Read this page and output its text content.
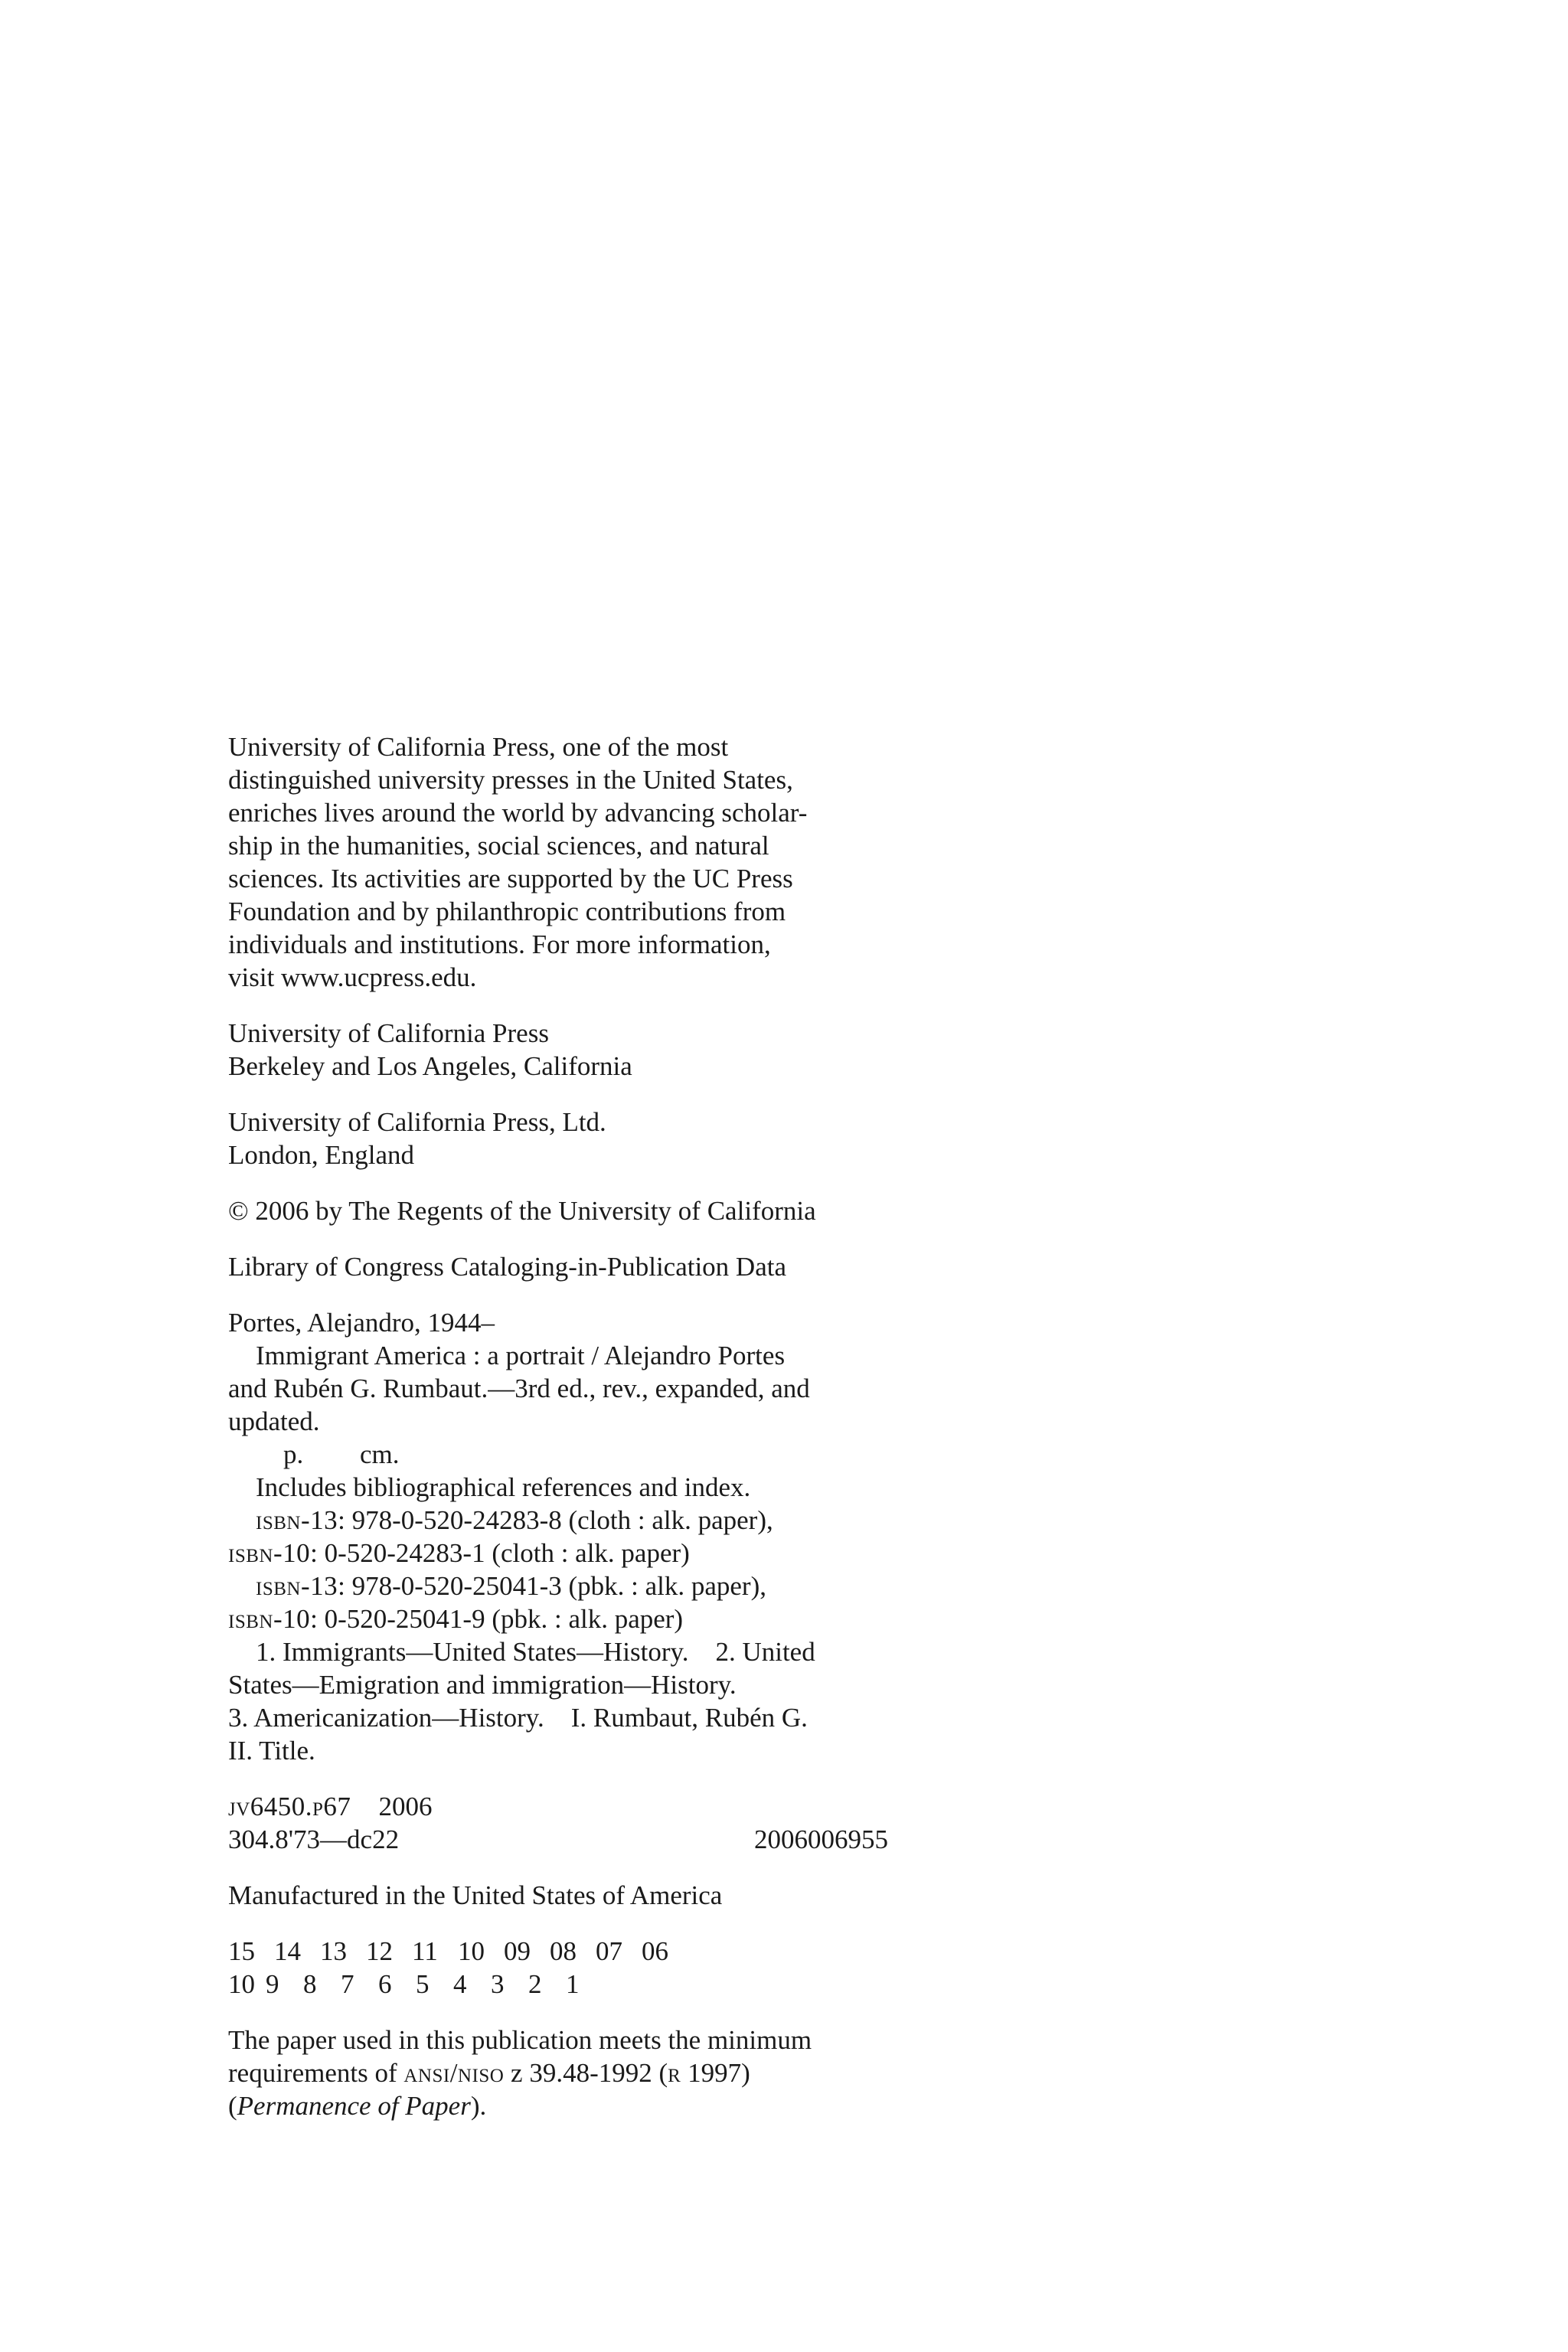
University of California Press, one of the most
distinguished university presses in the United States,
enriches lives around the world by advancing scholar-
ship in the humanities, social sciences, and natural
sciences. Its activities are supported by the UC Press
Foundation and by philanthropic contributions from
individuals and institutions. For more information,
visit www.ucpress.edu.
University of California Press
Berkeley and Los Angeles, California
University of California Press, Ltd.
London, England
© 2006 by The Regents of the University of California
Library of Congress Cataloging-in-Publication Data
Portes, Alejandro, 1944–
Immigrant America : a portrait / Alejandro Portes
and Rubén G. Rumbaut.—3rd ed., rev., expanded, and
updated.
p. cm.
Includes bibliographical references and index.
isbn-13: 978-0-520-24283-8 (cloth : alk. paper),
isbn-10: 0-520-24283-1 (cloth : alk. paper)
isbn-13: 978-0-520-25041-3 (pbk. : alk. paper),
isbn-10: 0-520-25041-9 (pbk. : alk. paper)
1. Immigrants—United States—History.    2. United
States—Emigration and immigration—History.
3. Americanization—History.    I. Rumbaut, Rubén G.
II. Title.
jv6450.p67 2006
304.8'73—dc22	2006006955
Manufactured in the United States of America
15 14 13 12 11 10 09 08 07 06
10 9 8 7 6 5 4 3 2 1
The paper used in this publication meets the minimum
requirements of ansi/niso z 39.48-1992 (r 1997)
(Permanence of Paper).
